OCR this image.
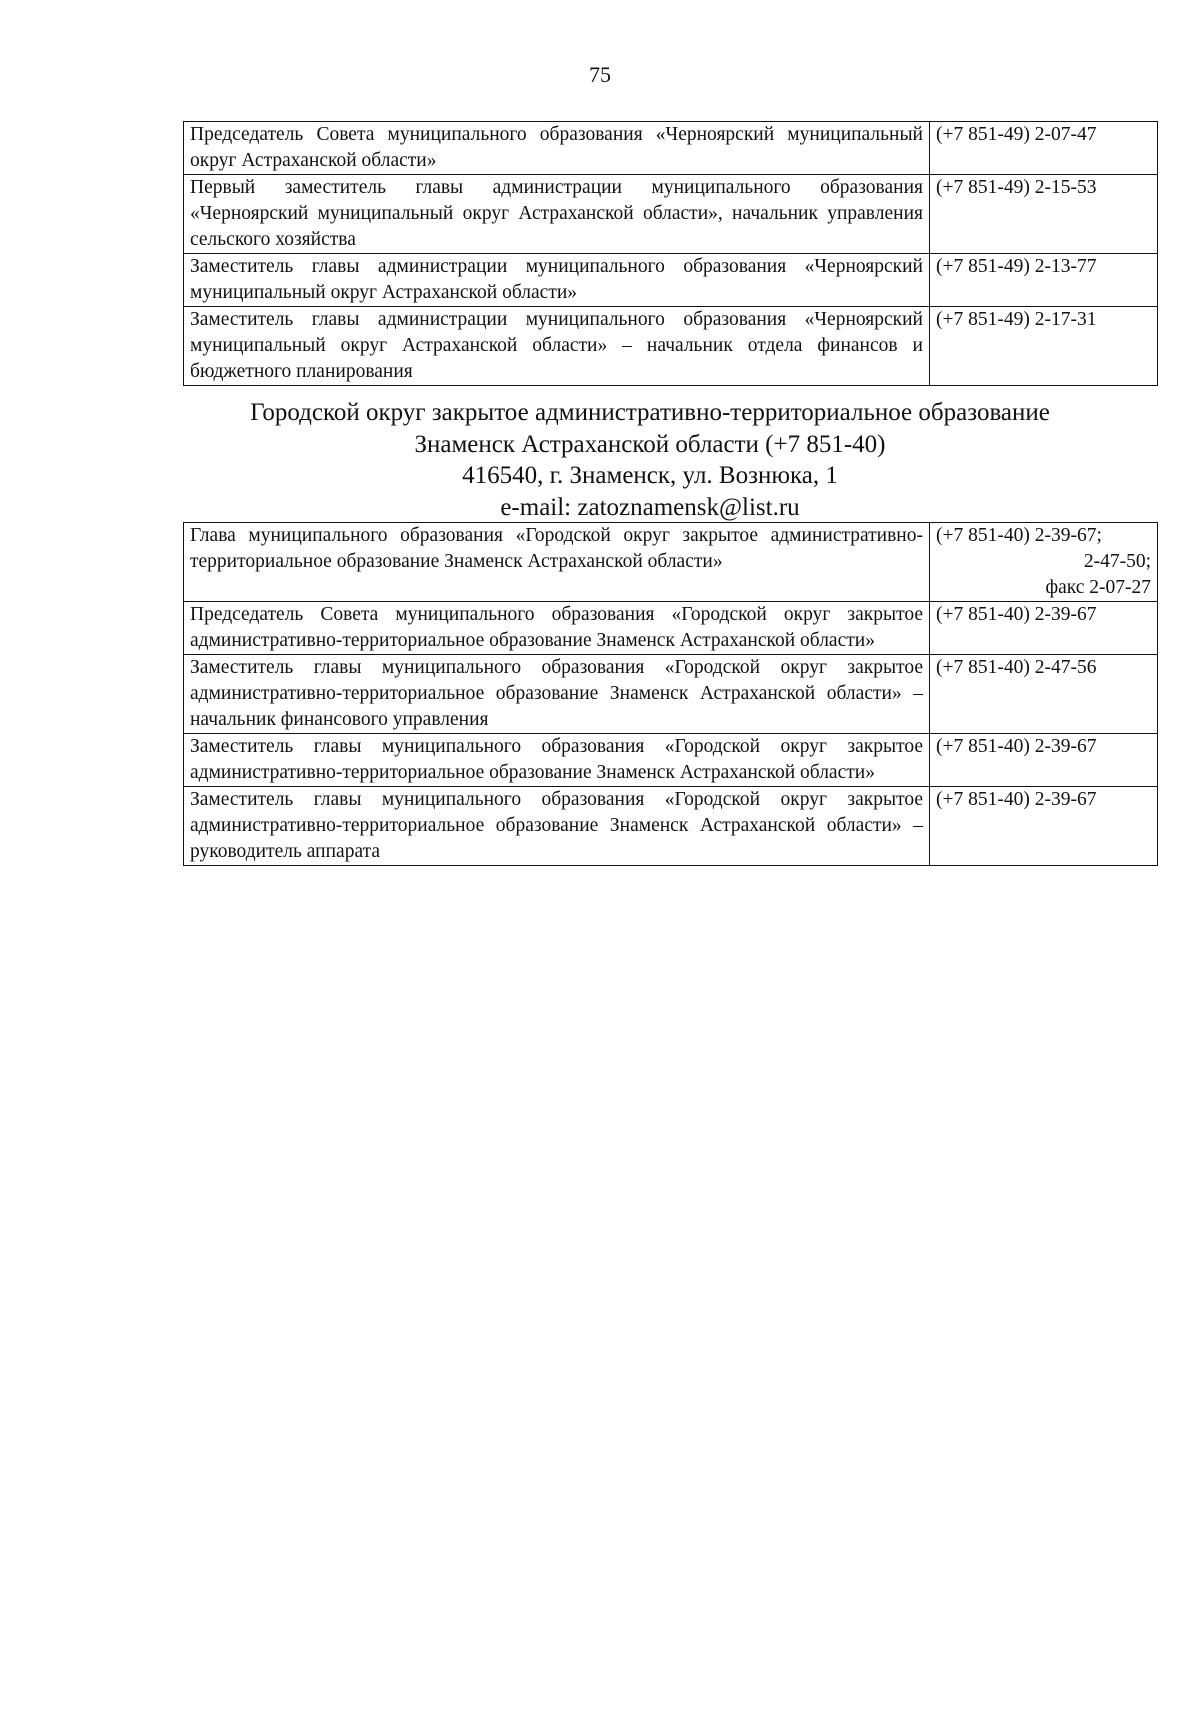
75
Председатель Совета муниципального образования «Черноярский муниципальный округ Астраханской области»	(+7 851-49) 2-07-47

Первый заместитель главы администрации муниципального образования «Черноярский муниципальный округ Астраханской области», начальник управления сельского хозяйства	(+7 851-49) 2-15-53

Заместитель главы администрации муниципального образования «Черноярский муниципальный округ Астраханской области»	(+7 851-49) 2-13-77

Заместитель главы администрации муниципального образования «Черноярский муниципальный округ Астраханской области» – начальник отдела финансов и бюджетного планирования	(+7 851-49) 2-17-31
Городской округ закрытое административно-территориальное образование
Знаменск Астраханской области (+7 851-40)
416540, г. Знаменск, ул. Вознюка, 1
e-mail: zatoznamensk@list.ru
Глава муниципального образования «Городской округ закрытое административно-территориальное образование Знаменск Астраханской области»	(+7 851-40) 2-39-67;
2-47-50;
факс 2-07-27

Председатель Совета муниципального образования «Городской округ закрытое административно-территориальное образование Знаменск Астраханской области»	(+7 851-40) 2-39-67

Заместитель главы муниципального образования «Городской округ закрытое административно-территориальное образование Знаменск Астраханской области» – начальник финансового управления	(+7 851-40) 2-47-56

Заместитель главы муниципального образования «Городской округ закрытое административно-территориальное образование Знаменск Астраханской области»	(+7 851-40) 2-39-67

Заместитель главы муниципального образования «Городской округ закрытое административно-территориальное образование Знаменск Астраханской области» – руководитель аппарата	(+7 851-40) 2-39-67
